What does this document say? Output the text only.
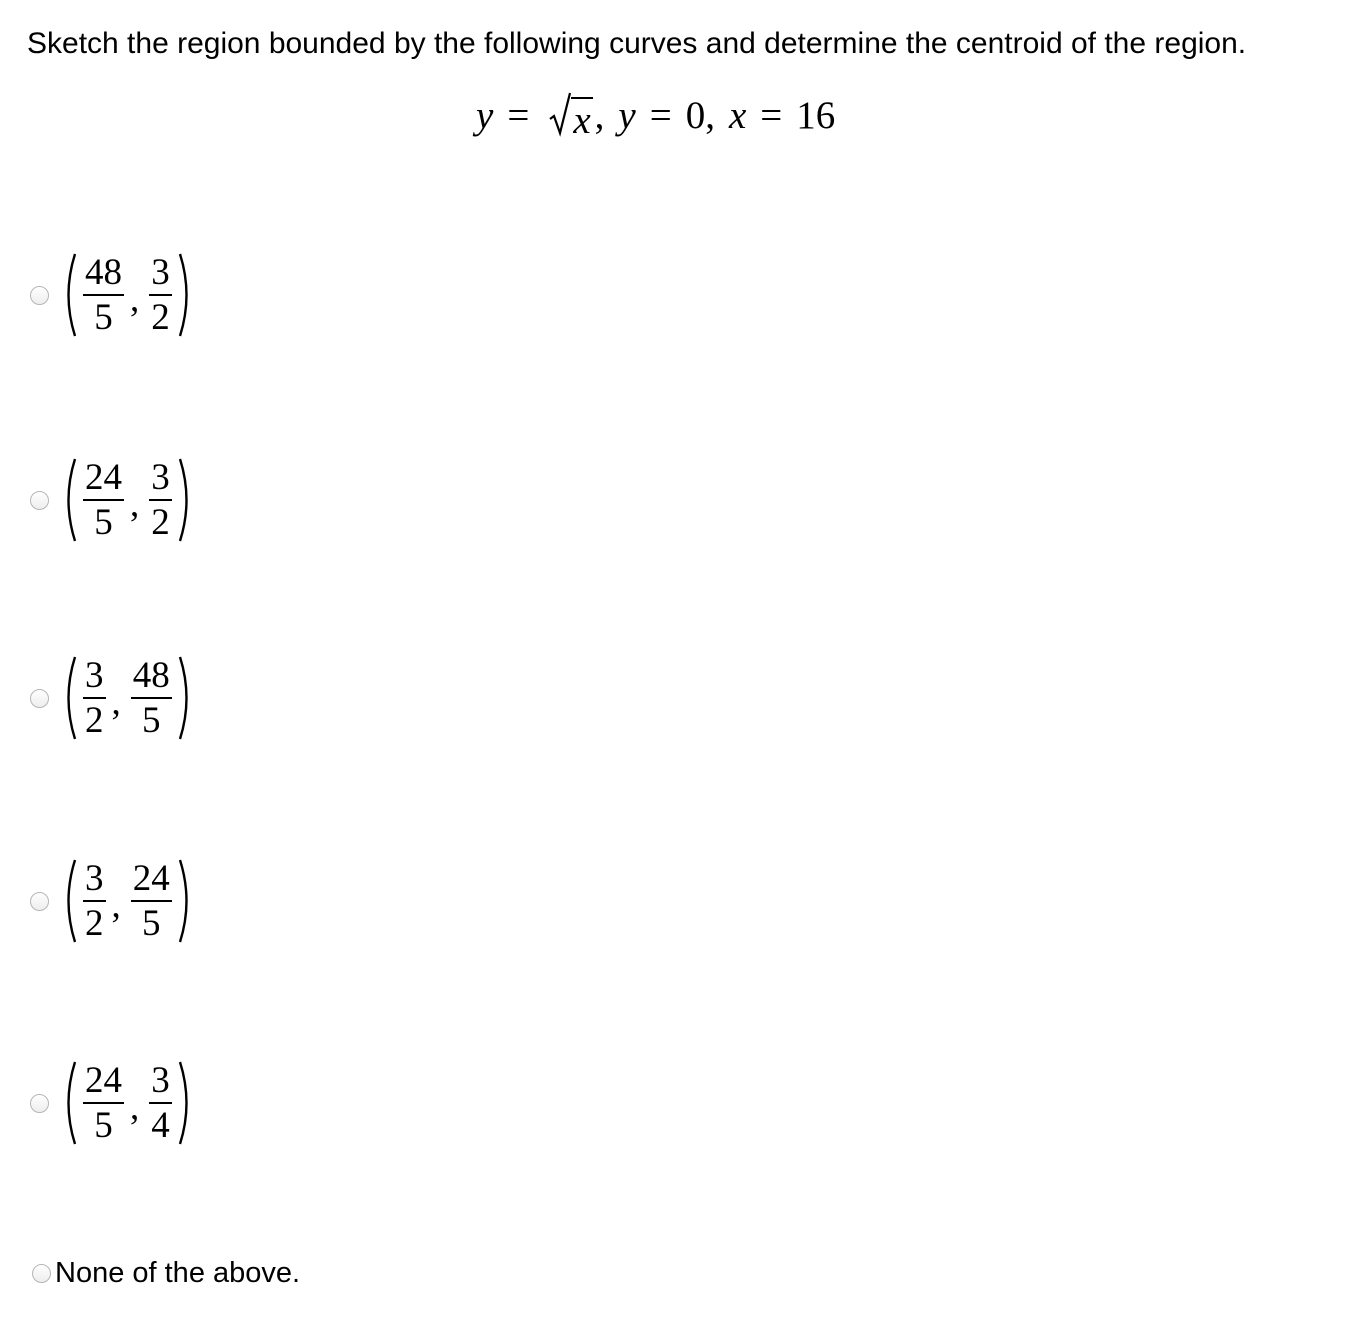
Sketch the region bounded by the following curves and determine the centroid of the region.
y =	x , y = 0 , x = 16
$\frac{48}{5}$ , $\frac{3}{2}$
$\frac{24}{5}$ , $\frac{3}{2}$
$\frac{3}{2}$ , $\frac{48}{5}$
$\frac{3}{2}$ , $\frac{24}{5}$
$\frac{24}{5}$ , $\frac{3}{4}$
None of the above.
